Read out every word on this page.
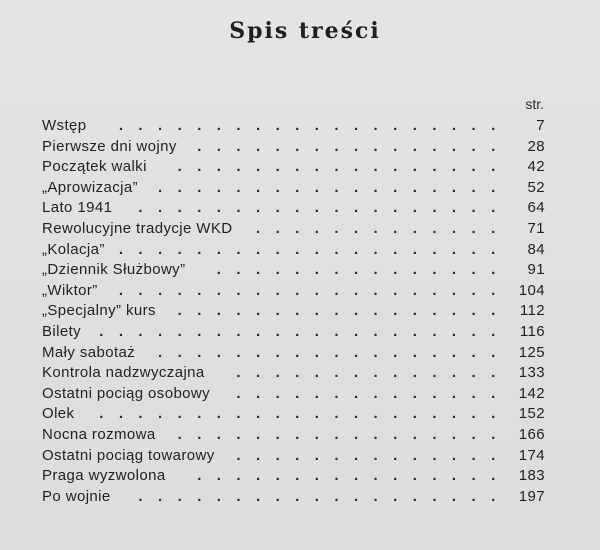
Spis treści
str.
Wstęp	. . . . . . . . . . . . . . . . . . . .	7
Pierwsze dni wojny	. . . . . . . . . . . . . . . .	28
Początek walki	. . . . . . . . . . . . . . . . .	42
„Aprowizacja”	. . . . . . . . . . . . . . . . . .	52
Lato 1941	. . . . . . . . . . . . . . . . . . .	64
Rewolucyjne tradycje WKD	. . . . . . . . . . . . .	71
„Kolacja” . . . . . . . . . . . . . . . . . . . .	84
„Dziennik Służbowy”	. . . . . . . . . . . . . . .	91
„Wiktor”	. . . . . . . . . . . . . . . . . . . .	104
„Specjalny” kurs	. . . . . . . . . . . . . . . . .	112
Bilety	. . . . . . . . . . . . . . . . . . . . .	116
Mały sabotaż	. . . . . . . . . . . . . . . . . .	125
Kontrola nadzwyczajna	. . . . . . . . . . . . . .	133
Ostatni pociąg osobowy	. . . . . . . . . . . . . .	142
Olek	. . . . . . . . . . . . . . . . . . . . .	152
Nocna rozmowa	. . . . . . . . . . . . . . . . .	166
Ostatni pociąg towarowy	. . . . . . . . . . . . . .	174
Praga wyzwolona	. . . . . . . . . . . . . . . .	183
Po wojnie	. . . . . . . . . . . . . . . . . . .	197
